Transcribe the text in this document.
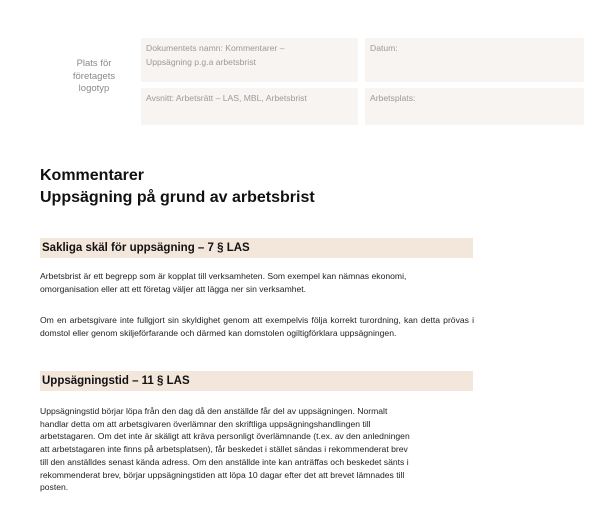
Plats för
företagets
logotyp
Dokumentets namn: Kommentarer –
Uppsägning p.g.a arbetsbrist
Datum:
Avsnitt: Arbetsrätt – LAS, MBL, Arbetsbrist	Arbetsplats:
Kommentarer
Uppsägning på grund av arbetsbrist
Sakliga skäl för uppsägning – 7 § LAS

Arbetsbrist är ett begrepp som är kopplat till verksamheten. Som exempel kan nämnas ekonomi,
omorganisation eller att ett företag väljer att lägga ner sin verksamhet.

Om en arbetsgivare inte fullgjort sin skyldighet genom att exempelvis följa korrekt turordning, kan detta prövas i domstol eller genom skiljeförfarande och därmed kan domstolen ogiltigförklara uppsägningen.

Uppsägningstid – 11 § LAS

Uppsägningstid börjar löpa från den dag då den anställde får del av uppsägningen. Normalt
handlar detta om att arbetsgivaren överlämnar den skriftliga uppsägningshandlingen till
arbetstagaren. Om det inte är skäligt att kräva personligt överlämnande (t.ex. av den anledningen
att arbetstagaren inte finns på arbetsplatsen), får beskedet i stället sändas i rekommenderat brev
till den anställdes senast kända adress. Om den anställde inte kan anträffas och beskedet sänts i
rekommenderat brev, börjar uppsägningstiden att löpa 10 dagar efter det att brevet lämnades till
posten.
